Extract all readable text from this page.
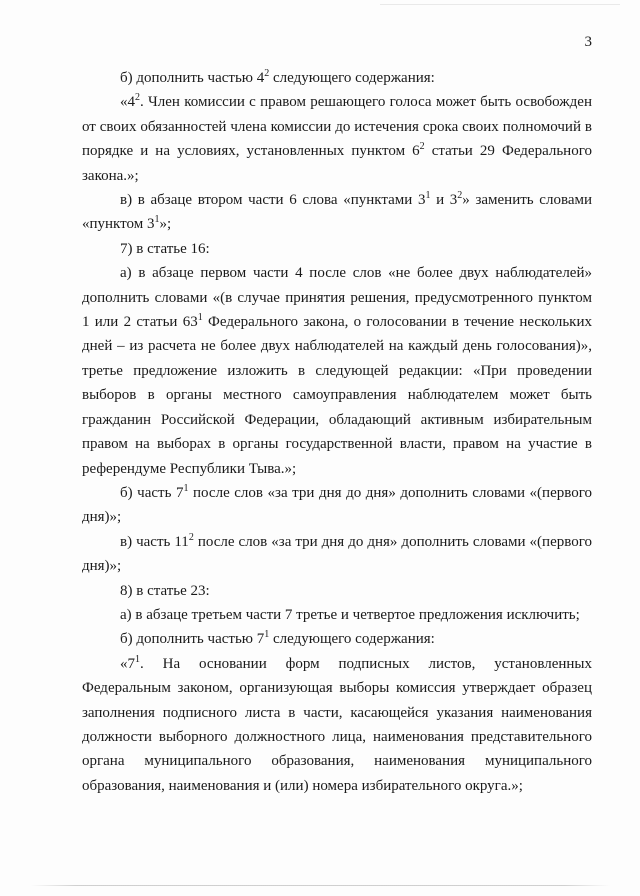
3

б) дополнить частью $4^2$ следующего содержания:

«$4^2$. Член комиссии с правом решающего голоса может быть освобожден от своих обязанностей члена комиссии до истечения срока своих полномочий в порядке и на условиях, установленных пунктом $6^2$ статьи 29 Федерального закона.»;

в) в абзаце втором части 6 слова «пунктами $3^1$ и $3^2$» заменить словами «пунктом $3^1$»;

7) в статье 16:

а) в абзаце первом части 4 после слов «не более двух наблюдателей» дополнить словами «(в случае принятия решения, предусмотренного пунктом 1 или 2 статьи $63^1$ Федерального закона, о голосовании в течение нескольких дней – из расчета не более двух наблюдателей на каждый день голосования)», третье предложение изложить в следующей редакции: «При проведении выборов в органы местного самоуправления наблюдателем может быть гражданин Российской Федерации, обладающий активным избирательным правом на выборах в органы государственной власти, правом на участие в референдуме Республики Тыва.»;

б) часть $7^1$ после слов «за три дня до дня» дополнить словами «(первого дня)»;

в) часть $11^2$ после слов «за три дня до дня» дополнить словами «(первого дня)»;

8) в статье 23:

а) в абзаце третьем части 7 третье и четвертое предложения исключить;

б) дополнить частью $7^1$ следующего содержания:

«$7^1$. На основании форм подписных листов, установленных Федеральным законом, организующая выборы комиссия утверждает образец заполнения подписного листа в части, касающейся указания наименования должности выборного должностного лица, наименования представительного органа муниципального образования, наименования муниципального образования, наименования и (или) номера избирательного округа.»;
